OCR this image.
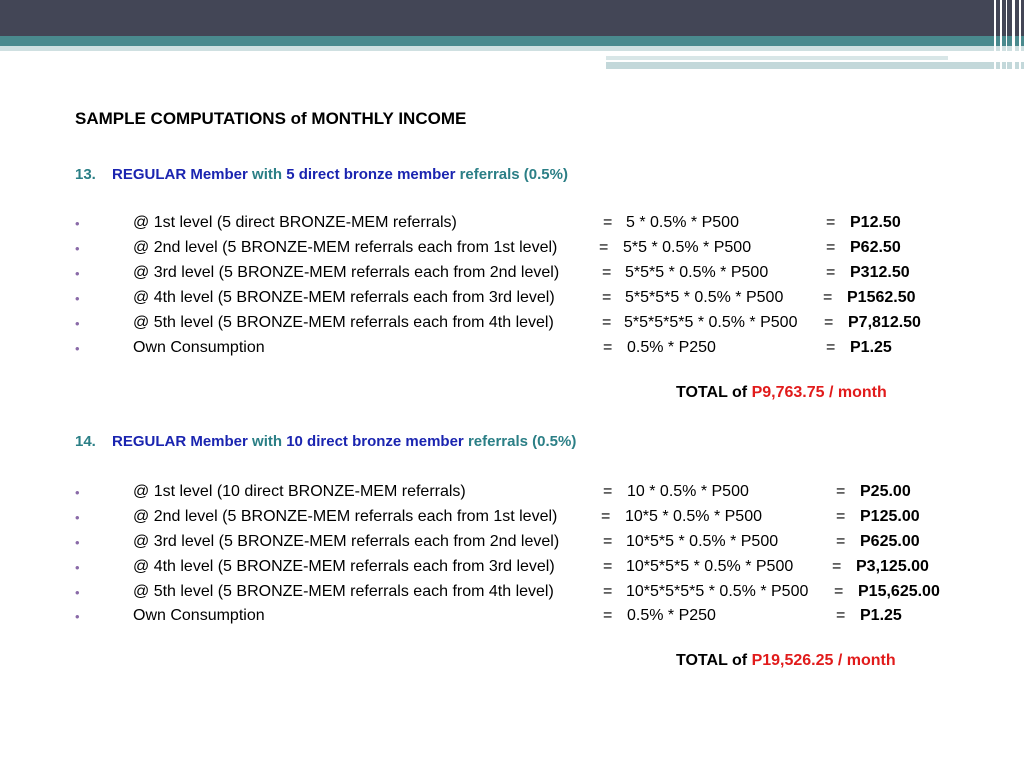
SAMPLE COMPUTATIONS of MONTHLY INCOME
13. REGULAR Member with 5 direct bronze member referrals (0.5%)
•	@ 1st level (5 direct BRONZE-MEM referrals)	= 5 * 0.5% * P500	= P12.50
•	@ 2nd level (5 BRONZE-MEM referrals each from 1st level)	= 5*5 * 0.5% * P500	= P62.50
•	@ 3rd level (5 BRONZE-MEM referrals each from 2nd level)	= 5*5*5 * 0.5% * P500	= P312.50
•	@ 4th level (5 BRONZE-MEM referrals each from 3rd level)	= 5*5*5*5 * 0.5% * P500 = P1562.50
•	@ 5th level (5 BRONZE-MEM referrals each from 4th level)	= 5*5*5*5*5 * 0.5% * P500 = P7,812.50
•	Own Consumption	= 0.5% * P250	= P1.25
TOTAL of P9,763.75 / month
14. REGULAR Member with 10 direct bronze member referrals (0.5%)
•	@ 1st level (10 direct BRONZE-MEM referrals)	= 10 * 0.5% * P500	= P25.00
•	@ 2nd level (5 BRONZE-MEM referrals each from 1st level)	= 10*5 * 0.5% * P500	= P125.00
•	@ 3rd level (5 BRONZE-MEM referrals each from 2nd level)	= 10*5*5 * 0.5% * P500	= P625.00
•	@ 4th level (5 BRONZE-MEM referrals each from 3rd level)	= 10*5*5*5 * 0.5% * P500 = P3,125.00
•	@ 5th level (5 BRONZE-MEM referrals each from 4th level)	= 10*5*5*5*5 * 0.5% * P500 = P15,625.00
•	Own Consumption	= 0.5% * P250	= P1.25
TOTAL of P19,526.25 / month
